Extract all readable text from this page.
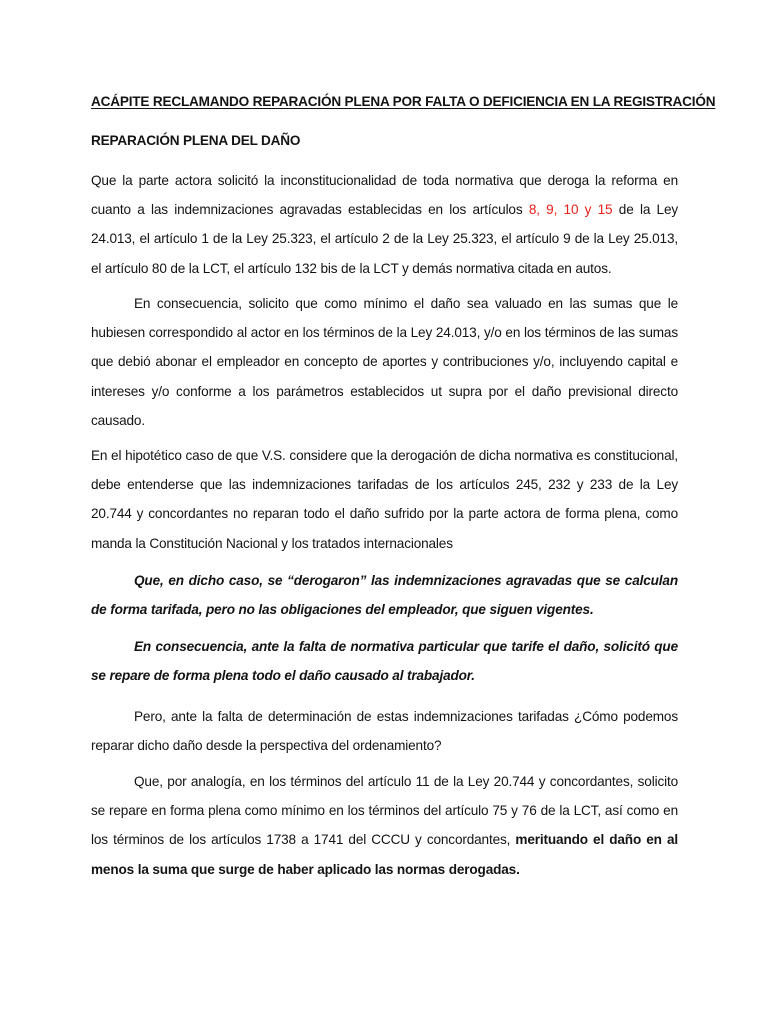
ACÁPITE RECLAMANDO REPARACIÓN PLENA POR FALTA O DEFICIENCIA EN LA REGISTRACIÓN
REPARACIÓN PLENA DEL DAÑO
Que la parte actora solicitó la inconstitucionalidad de toda normativa que deroga la reforma en cuanto a las indemnizaciones agravadas establecidas en los artículos 8, 9, 10 y 15 de la Ley 24.013, el artículo 1 de la Ley 25.323, el artículo 2 de la Ley 25.323, el artículo 9 de la Ley 25.013, el artículo 80 de la LCT, el artículo 132 bis de la LCT y demás normativa citada en autos.
En consecuencia, solicito que como mínimo el daño sea valuado en las sumas que le hubiesen correspondido al actor en los términos de la Ley 24.013, y/o en los términos de las sumas que debió abonar el empleador en concepto de aportes y contribuciones y/o, incluyendo capital e intereses y/o conforme a los parámetros establecidos ut supra por el daño previsional directo causado.
En el hipotético caso de que V.S. considere que la derogación de dicha normativa es constitucional, debe entenderse que las indemnizaciones tarifadas de los artículos 245, 232 y 233 de la Ley 20.744 y concordantes no reparan todo el daño sufrido por la parte actora de forma plena, como manda la Constitución Nacional y los tratados internacionales
Que, en dicho caso, se “derogaron” las indemnizaciones agravadas que se calculan de forma tarifada, pero no las obligaciones del empleador, que siguen vigentes.
En consecuencia, ante la falta de normativa particular que tarife el daño, solicitó que se repare de forma plena todo el daño causado al trabajador.
Pero, ante la falta de determinación de estas indemnizaciones tarifadas ¿Cómo podemos reparar dicho daño desde la perspectiva del ordenamiento?
Que, por analogía, en los términos del artículo 11 de la Ley 20.744 y concordantes, solicito se repare en forma plena como mínimo en los términos del artículo 75 y 76 de la LCT, así como en los términos de los artículos 1738 a 1741 del CCCU y concordantes, merituando el daño en al menos la suma que surge de haber aplicado las normas derogadas.
